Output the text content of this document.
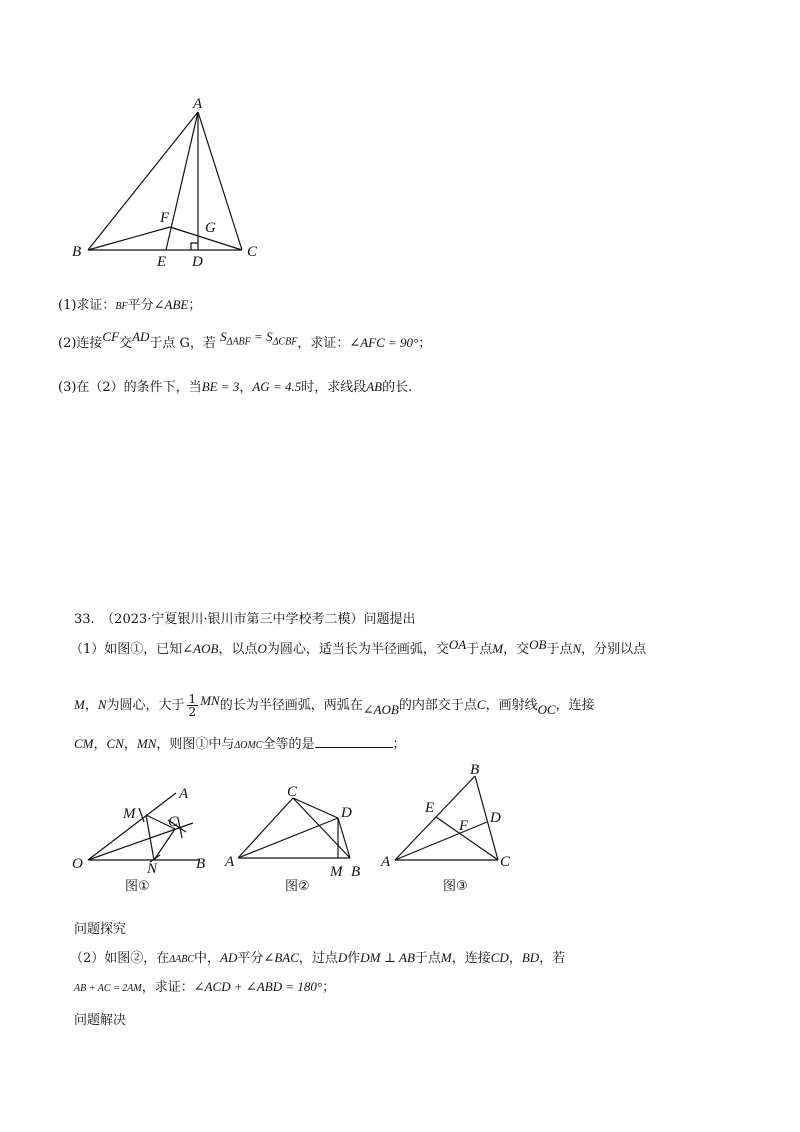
A
B	C
D
E
F
G
(1)求证：BF平分∠ABE；
(2)连接CF交AD于点 G，若 $S_{\Delta ABF} = S_{\Delta CBF}$，求证：∠AFC = 90°；
(3)在（2）的条件下，当BE = 3，AG = 4.5时，求线段AB的长.
33.　（2023·宁夏银川·银川市第三中学校考二模）问题提出
（1）如图①，已知∠AOB，以点O为圆心，适当长为半径画弧，交OA于点M，交OB于点N，分别以点
M，N为圆心，大于 $\frac{1}{2}$ MN的长为半径画弧，两弧在∠AOB的内部交于点C，画射线OC，连接
CM，CN，MN，则图①中与ΔOMC全等的是	；
O
M
N
C
A
B
图①
A
C
D
M B
图②
A
B
C
D
E
F
图③
问题探究
（2）如图②，在ΔABC中，AD平分∠BAC，过点D作DM ⊥ AB于点M，连接CD，BD，若
AB + AC = 2AM，求证：∠ACD + ∠ABD = 180°；
问题解决
